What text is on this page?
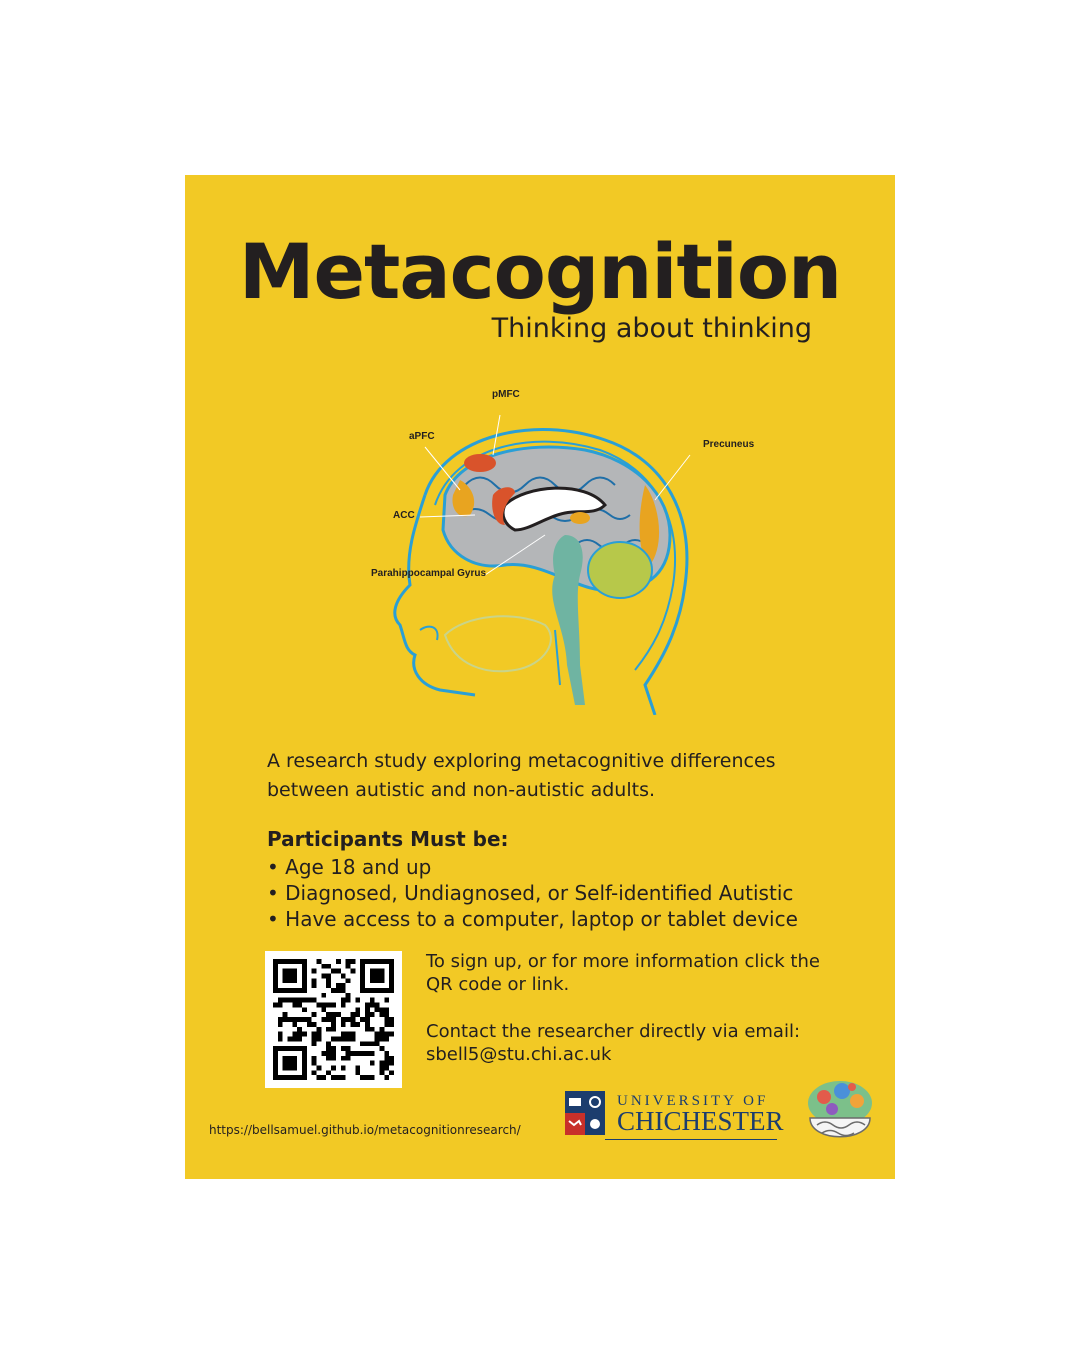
Metacognition
Thinking about thinking
pMFC
aPFC
Precuneus
ACC
Parahippocampal Gyrus
A research study exploring metacognitive differences between autistic and non-autistic adults.
Participants Must be:
• Age 18 and up
• Diagnosed, Undiagnosed, or Self-identified Autistic
• Have access to a computer, laptop or tablet device
To sign up, or for more information click the QR code or link.
Contact the researcher directly via email:
sbell5@stu.chi.ac.uk
https://bellsamuel.github.io/metacognitionresearch/
UNIVERSITY OF
CHICHESTER
